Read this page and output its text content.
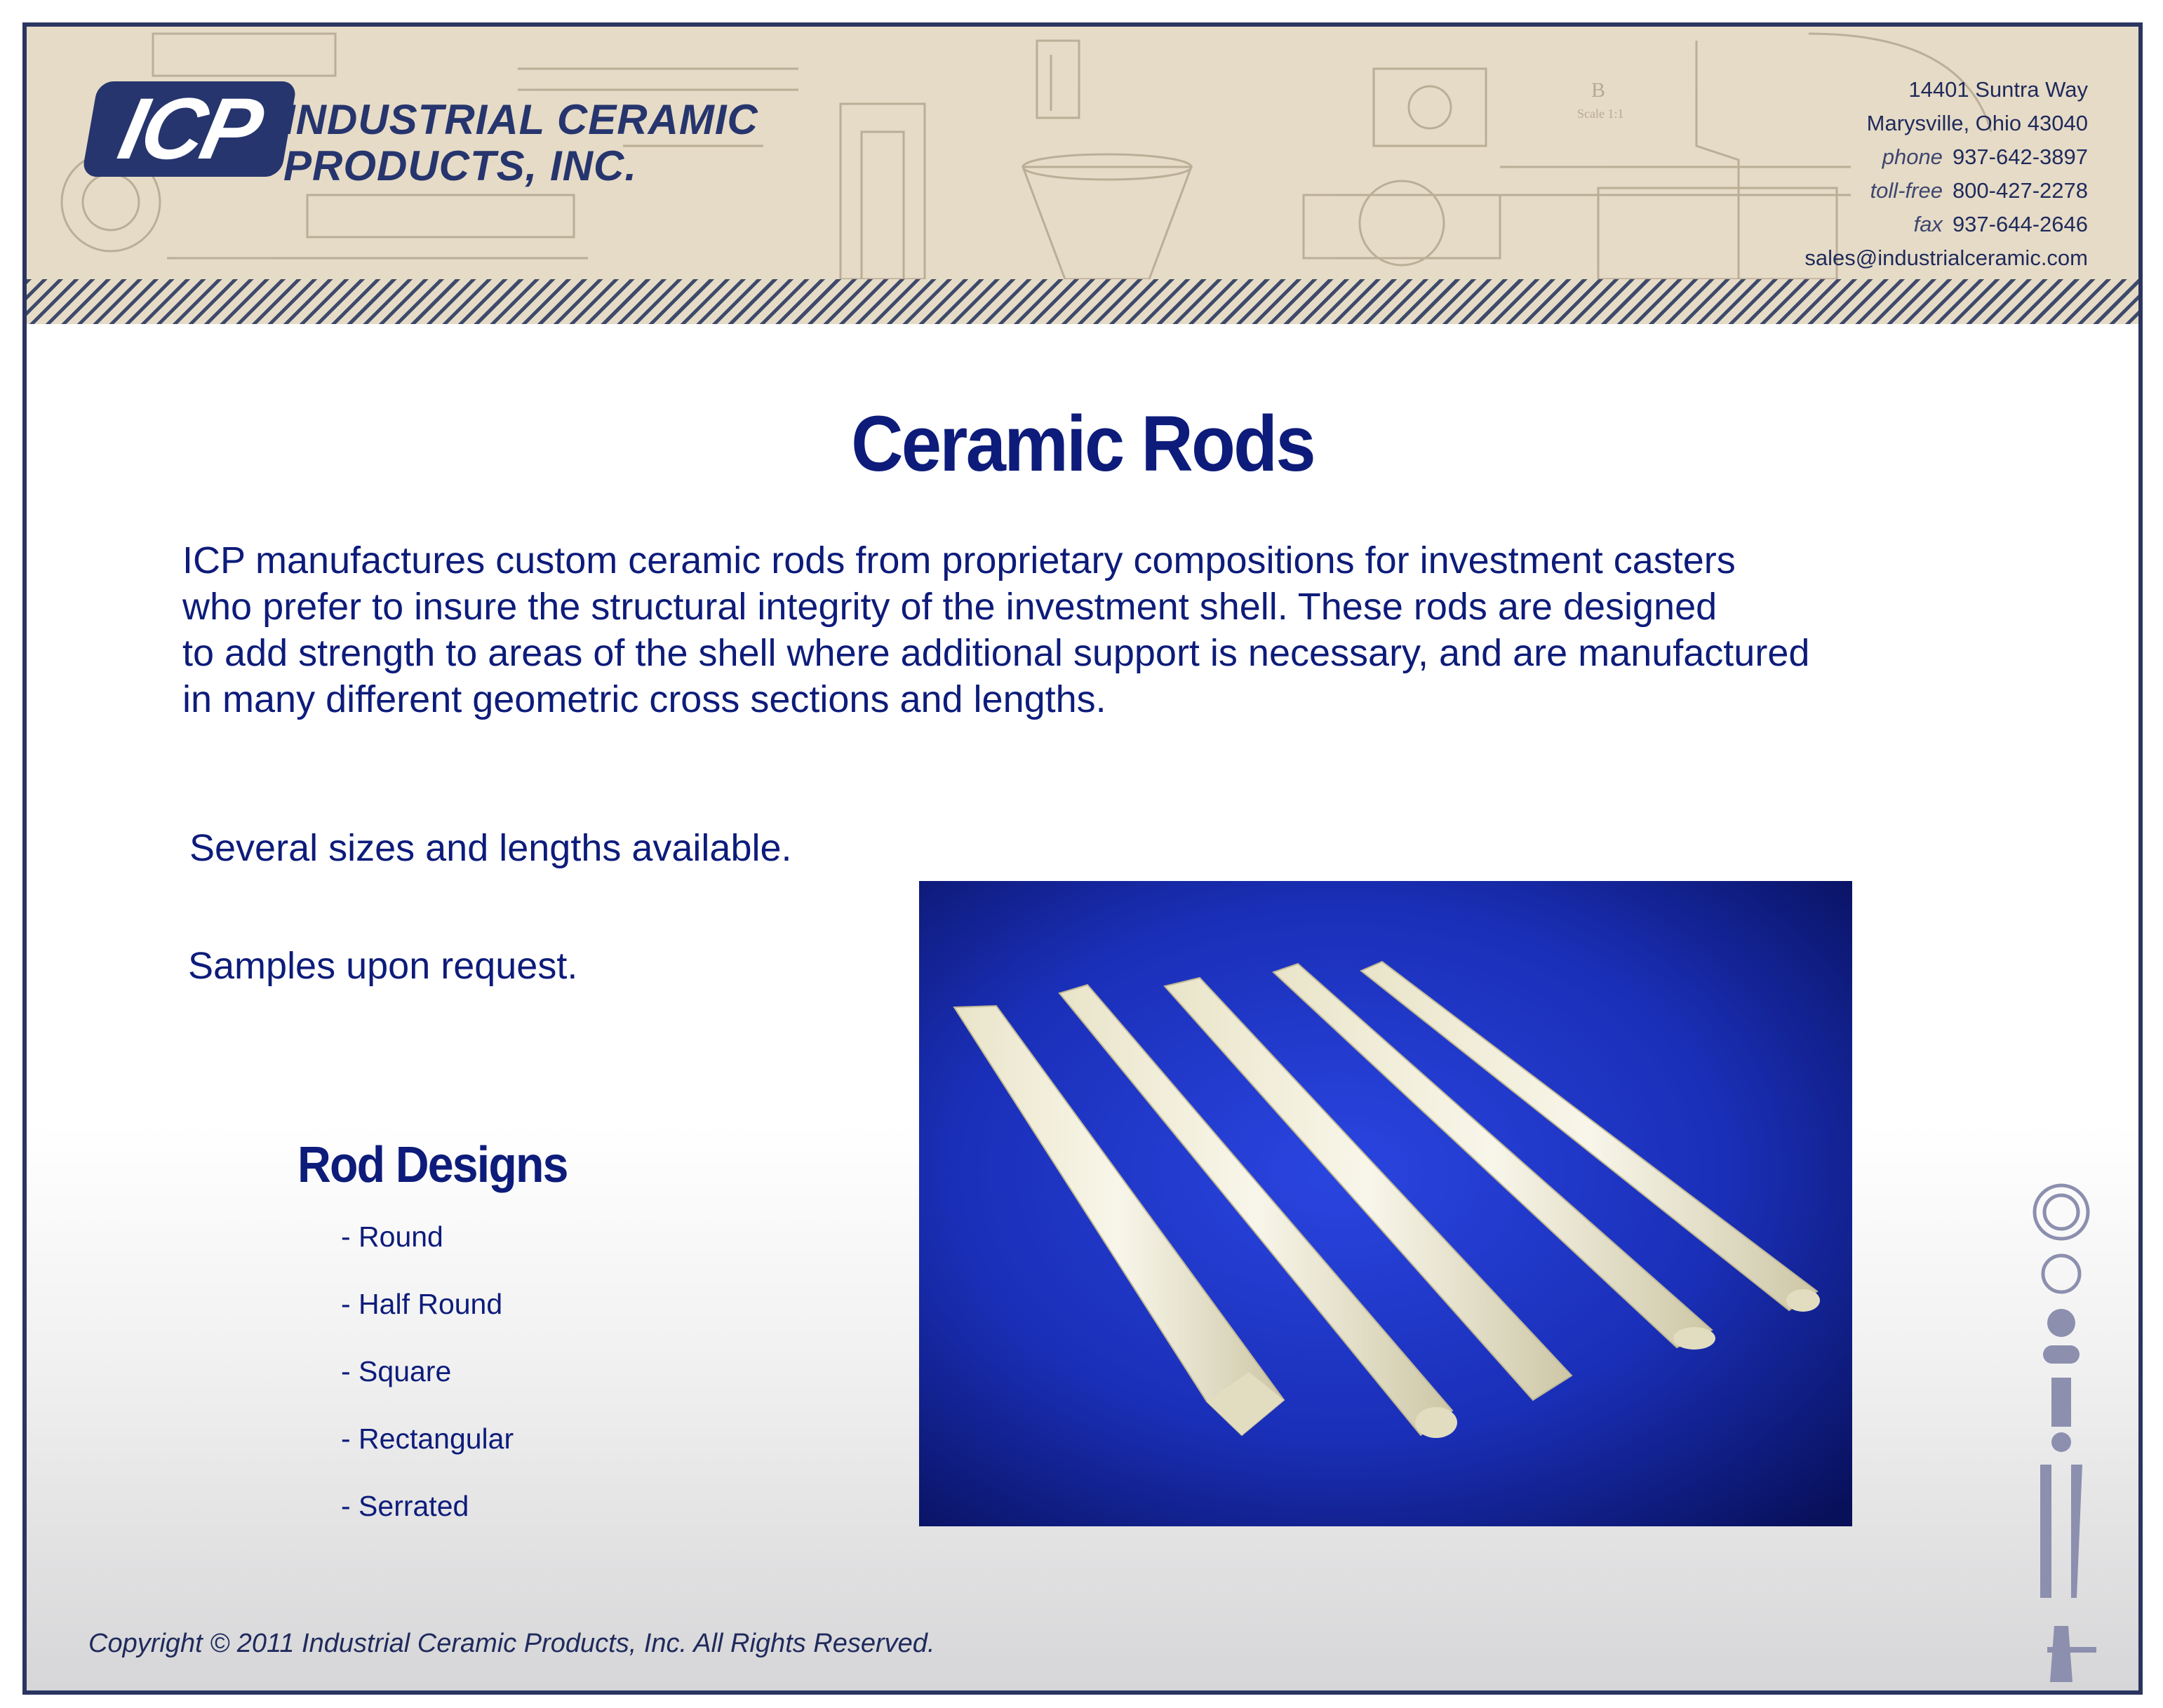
B
Scale 1:1
ICP INDUSTRIAL CERAMIC
PRODUCTS, INC.
14401 Suntra Way
Marysville, Ohio 43040
phone 937-642-3897
toll-free 800-427-2278
fax 937-644-2646
sales@industrialceramic.com
Ceramic Rods
ICP manufactures custom ceramic rods from proprietary compositions for investment casters
who prefer to insure the structural integrity of the investment shell. These rods are designed
to add strength to areas of the shell where additional support is necessary, and are manufactured
in many different geometric cross sections and lengths.
Several sizes and lengths available.
Samples upon request.
Rod Designs
- Round
- Half Round
- Square
- Rectangular
- Serrated
Copyright © 2011 Industrial Ceramic Products, Inc. All Rights Reserved.
